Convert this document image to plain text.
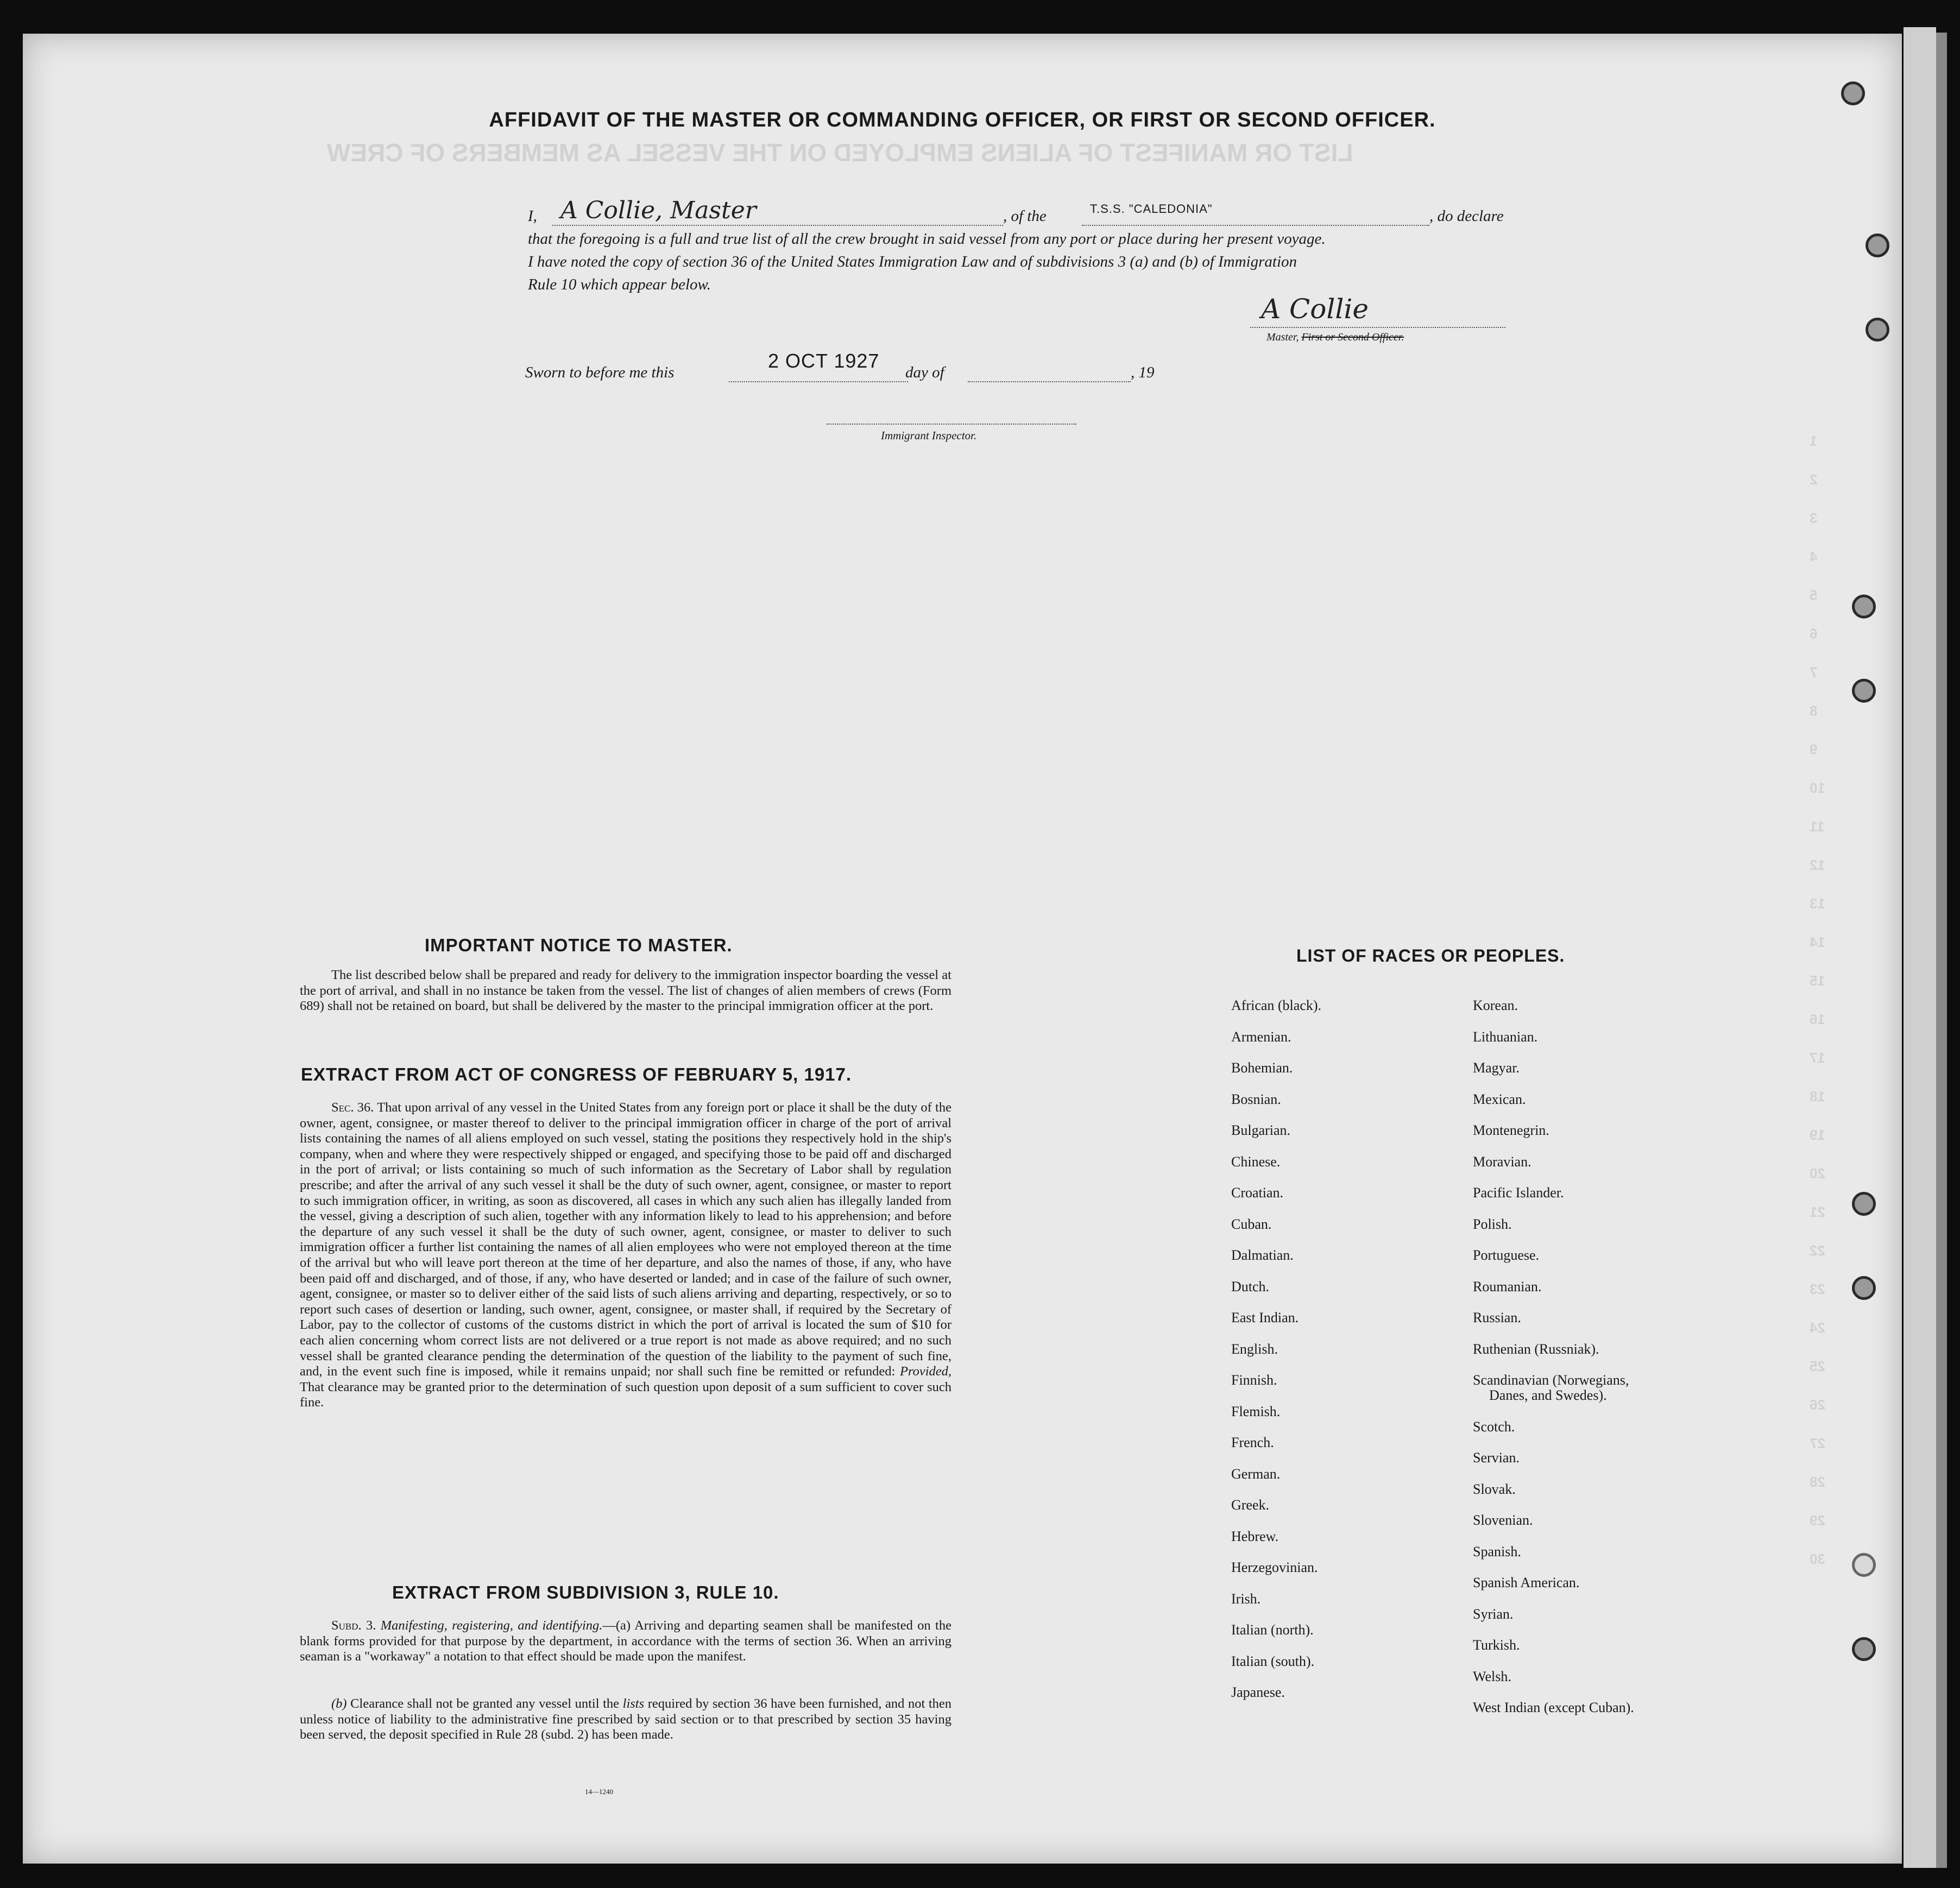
LIST OR MANIFEST OF ALIENS EMPLOYED ON THE VESSEL AS MEMBERS OF CREW
1
2
3
4
5
6
7
8
9
10
11
12
13
14
15
16
17
18
19
20
21
22
23
24
25
26
27
28
29
30
AFFIDAVIT OF THE MASTER OR COMMANDING OFFICER, OR FIRST OR SECOND OFFICER.
I, A Collie, Master	, of the	T.S.S. "CALEDONIA"	, do declare
that the foregoing is a full and true list of all the crew brought in said vessel from any port or place during her present voyage.
I have noted the copy of section 36 of the United States Immigration Law and of subdivisions 3 (a) and (b) of Immigration
Rule 10 which appear below.
A Collie
Master, First or Second Officer.
Sworn to before me this
2 OCT 1927
day of	, 19
Immigrant Inspector.
IMPORTANT NOTICE TO MASTER.
The list described below shall be prepared and ready for delivery to the immigration inspector boarding the vessel at the port of arrival, and shall in no instance be taken from the vessel. The list of changes of alien members of crews (Form 689) shall not be retained on board, but shall be delivered by the master to the principal immigration officer at the port.
EXTRACT FROM ACT OF CONGRESS OF FEBRUARY 5, 1917.
Sec. 36. That upon arrival of any vessel in the United States from any foreign port or place it shall be the duty of the owner, agent, consignee, or master thereof to deliver to the principal immigration officer in charge of the port of arrival lists containing the names of all aliens employed on such vessel, stating the positions they respectively hold in the ship's company, when and where they were respectively shipped or engaged, and specifying those to be paid off and discharged in the port of arrival; or lists containing so much of such information as the Secretary of Labor shall by regulation prescribe; and after the arrival of any such vessel it shall be the duty of such owner, agent, consignee, or master to report to such immigration officer, in writing, as soon as discovered, all cases in which any such alien has illegally landed from the vessel, giving a description of such alien, together with any information likely to lead to his apprehension; and before the departure of any such vessel it shall be the duty of such owner, agent, consignee, or master to deliver to such immigration officer a further list containing the names of all alien employees who were not employed thereon at the time of the arrival but who will leave port thereon at the time of her departure, and also the names of those, if any, who have been paid off and discharged, and of those, if any, who have deserted or landed; and in case of the failure of such owner, agent, consignee, or master so to deliver either of the said lists of such aliens arriving and departing, respectively, or so to report such cases of desertion or landing, such owner, agent, consignee, or master shall, if required by the Secretary of Labor, pay to the collector of customs of the customs district in which the port of arrival is located the sum of $10 for each alien concerning whom correct lists are not delivered or a true report is not made as above required; and no such vessel shall be granted clearance pending the determination of the question of the liability to the payment of such fine, and, in the event such fine is imposed, while it remains unpaid; nor shall such fine be remitted or refunded: Provided, That clearance may be granted prior to the determination of such question upon deposit of a sum sufficient to cover such fine.
EXTRACT FROM SUBDIVISION 3, RULE 10.
Subd. 3. Manifesting, registering, and identifying.—(a) Arriving and departing seamen shall be manifested on the blank forms provided for that purpose by the department, in accordance with the terms of section 36. When an arriving seaman is a "workaway" a notation to that effect should be made upon the manifest.
(b) Clearance shall not be granted any vessel until the lists required by section 36 have been furnished, and not then unless notice of liability to the administrative fine prescribed by said section or to that prescribed by section 35 having been served, the deposit specified in Rule 28 (subd. 2) has been made.
14—1240
LIST OF RACES OR PEOPLES.
African (black).
Armenian.
Bohemian.
Bosnian.
Bulgarian.
Chinese.
Croatian.
Cuban.
Dalmatian.
Dutch.
East Indian.
English.
Finnish.
Flemish.
French.
German.
Greek.
Hebrew.
Herzegovinian.
Irish.
Italian (north).
Italian (south).
Japanese.
Korean.
Lithuanian.
Magyar.
Mexican.
Montenegrin.
Moravian.
Pacific Islander.
Polish.
Portuguese.
Roumanian.
Russian.
Ruthenian (Russniak).
Scandinavian (Norwegians,
Danes, and Swedes).
Scotch.
Servian.
Slovak.
Slovenian.
Spanish.
Spanish American.
Syrian.
Turkish.
Welsh.
West Indian (except Cuban).
